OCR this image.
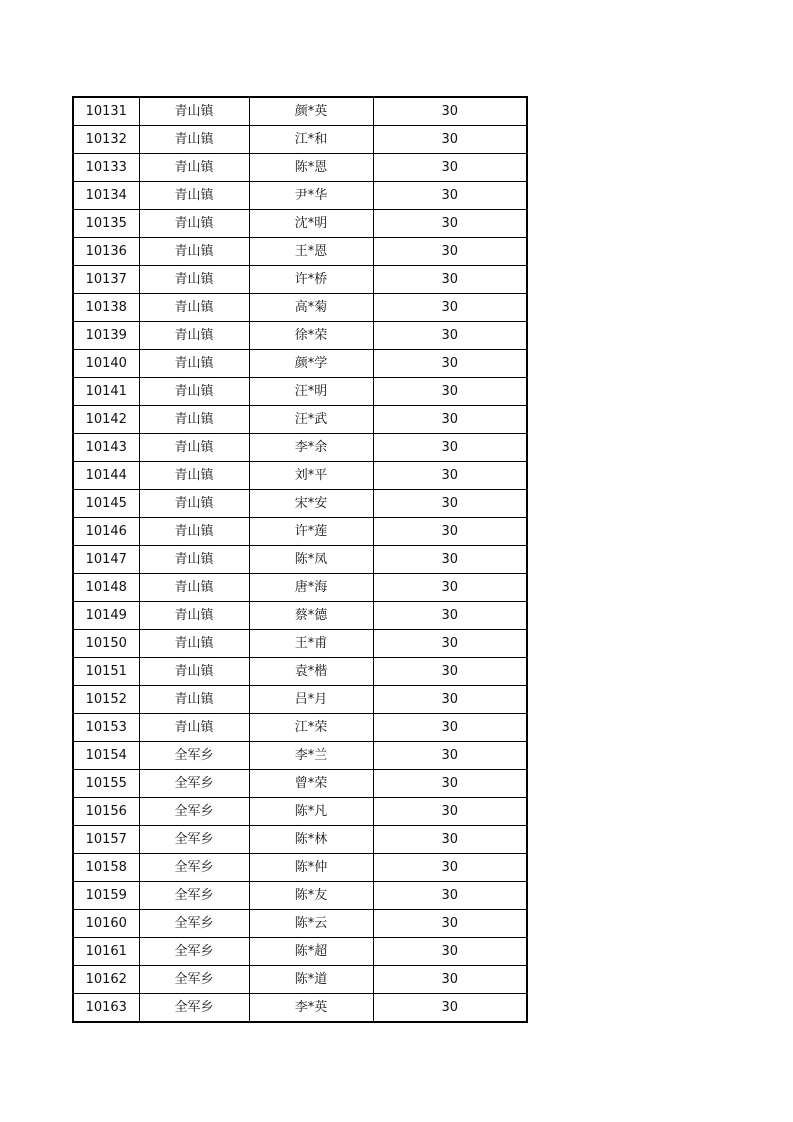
10131	青山镇	颜*英	30
10132	青山镇	江*和	30
10133	青山镇	陈*恩	30
10134	青山镇	尹*华	30
10135	青山镇	沈*明	30
10136	青山镇	王*恩	30
10137	青山镇	许*桥	30
10138	青山镇	高*菊	30
10139	青山镇	徐*荣	30
10140	青山镇	颜*学	30
10141	青山镇	汪*明	30
10142	青山镇	汪*武	30
10143	青山镇	李*余	30
10144	青山镇	刘*平	30
10145	青山镇	宋*安	30
10146	青山镇	许*莲	30
10147	青山镇	陈*凤	30
10148	青山镇	唐*海	30
10149	青山镇	蔡*德	30
10150	青山镇	王*甫	30
10151	青山镇	袁*楷	30
10152	青山镇	吕*月	30
10153	青山镇	江*荣	30
10154	全军乡	李*兰	30
10155	全军乡	曾*荣	30
10156	全军乡	陈*凡	30
10157	全军乡	陈*林	30
10158	全军乡	陈*仲	30
10159	全军乡	陈*友	30
10160	全军乡	陈*云	30
10161	全军乡	陈*超	30
10162	全军乡	陈*道	30
10163	全军乡	李*英	30
